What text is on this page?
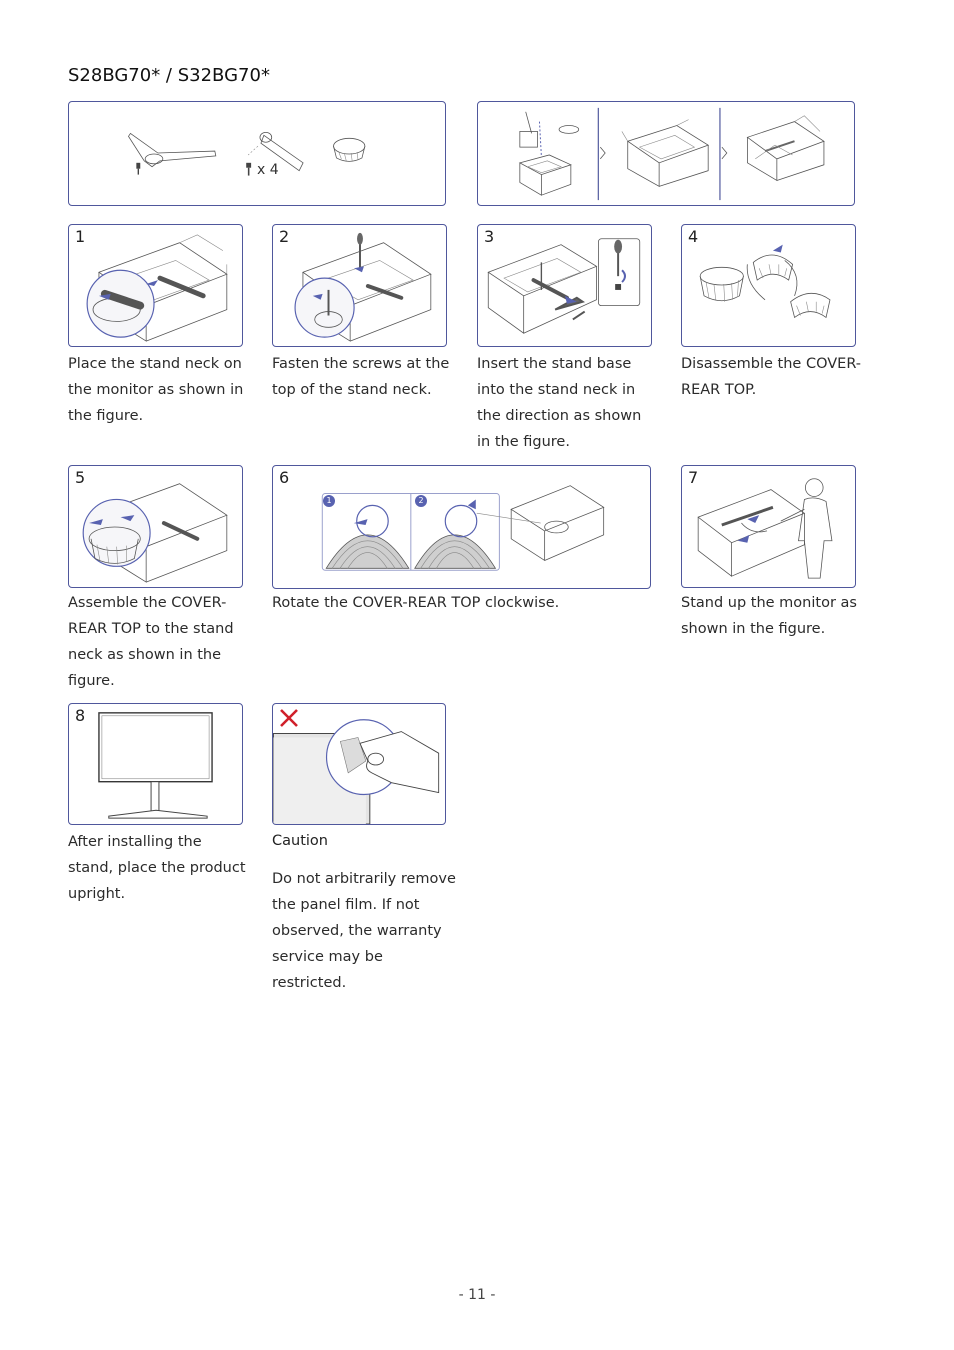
S28BG70* / S32BG70*
x 4
1

Place the stand neck on the monitor as shown in the figure.

2

Fasten the screws at the top of the stand neck.

3

Insert the stand base into the stand neck in the direction as shown in the figure.

4

Disassemble the COVER-REAR TOP.

5

Assemble the COVER-REAR TOP to the stand neck as shown in the figure.

6
1	2

Rotate the COVER-REAR TOP clockwise.

7

Stand up the monitor as shown in the figure.

8

After installing the stand, place the product upright.

Caution

Do not arbitrarily remove the panel film. If not observed, the warranty service may be restricted.

- 11 -
